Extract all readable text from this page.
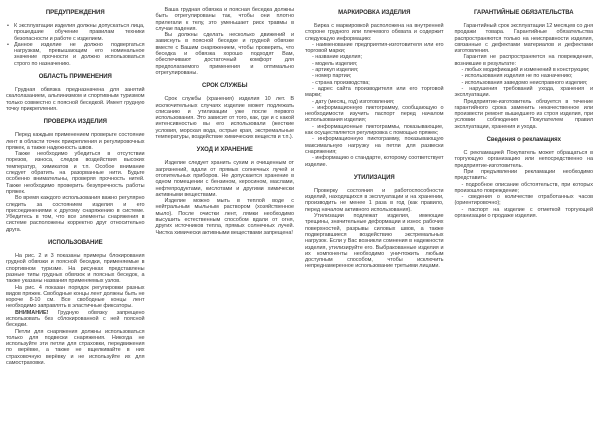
ПРЕДУПРЕЖДЕНИЯ
• К эксплуатации изделия должны допускаться лица, прошедшие обучение правилам техники безопасности и работе с изделием.
• Данное изделие не должно подвергаться нагрузкам, превышающим его номинальное значение прочности и должно использоваться строго по назначению.
ОБЛАСТЬ ПРИМЕНЕНИЯ
Грудная обвязка предназначена для занятий скалолазанием, альпинизмом и спортивным туризмом только совместно с поясной беседкой. Имеет грудную точку прикрепления.
ПРОВЕРКА ИЗДЕЛИЯ
Перед каждым применением проверьте состояние лент в области точек прикрепления и регулировочных пряжек, а также надежность швов.
Также необходимо убедиться в отсутствии порезов, износа, следов воздействия высоких температур, химикатов и т.п. Особое внимание следует обратить на разорванные нити. Будьте особенно внимательны, проверяя прочность нитей. Также необходимо проверить безупречность работы пряжек.
Во время каждого использования важно регулярно следить за состоянием изделия и его присоединениями к другому снаряжению в системе. Убедитесь в том, что все элементы снаряжения в системе расположены корректно друг относительно друга.
ИСПОЛЬЗОВАНИЕ
На рис. 2 и 3 показаны примеры блокирования грудной обвязки и поясной беседки, применяемые в спортивном туризме. На рисунках представлены разные типы грудных обвязок и поясных беседок, а также указаны названия применяемых узлов.
На рис. 4 показан порядок регулировки разных видов пряжек. Свободные концы лент должны быть не короче 8-10 см. Все свободные концы лент необходимо заправлять в эластичные фиксаторы.
ВНИМАНИЕ! Грудную обвязку запрещено использовать без сблокированной с ней поясной беседки.
Петли для снаряжения должны использоваться только для подвески снаряжения. Никогда не используйте эти петли для страховки, передвижения по верёвке, а также не вщелкивайте в них страховочную верёвку и не используйте их для самостраховки.
Ваша грудная обвязка и поясная беседка должны быть отрегулированы так, чтобы они плотно прилегали к телу, это уменьшает риск травмы в случае падения.
Вы должны сделать несколько движений и зависнуть в поясной беседке и грудной обвязке вместе с Вашим снаряжением, чтобы проверить, что беседка и обвязка хорошо подходят Вам, обеспечивают достаточный комфорт для предполагаемого применения и оптимально отрегулированы.
СРОК СЛУЖБЫ
Срок службы (хранения) изделия 10 лет. В исключительных случаях изделие может подлежать списанию и утилизации уже после первого использования. Это зависит от того, как, где и с какой интенсивностью вы его использовали (жесткие условия, морская вода, острые края, экстремальные температуры, воздействие химических веществ и т.п.).
УХОД И ХРАНЕНИЕ
Изделие следует хранить сухим и очищенным от загрязнений, вдали от прямых солнечных лучей и отопительных приборов. Не допускается хранение в одном помещении с бензином, керосином, маслами, нефтепродуктами, кислотами и другими химически активными веществами.
Изделие можно мыть в теплой воде с нейтральным мыльным раствором (хозяйственное мыло). После очистки лент, лямки необходимо высушить естественным способом вдали от огня, других источников тепла, прямых солнечных лучей. Чистка химически активными веществами запрещена!
МАРКИРОВКА ИЗДЕЛИЯ
Бирка с маркировкой расположена на внутренней стороне грудного или плечевого обхвата и содержит следующую информацию:
- наименование предприятия-изготовителя или его торговой марки;
- название изделия;
- модель изделия;
- артикул изделия;
- номер партии;
- страна производства;
- адрес сайта производителя или его торговой марки;
- дату (месяц, год) изготовления;
- информационную пиктограмму, сообщающую о необходимости изучить паспорт перед началом использования изделия;
- информационные пиктограммы, показывающие, как осуществляется регулировка с помощью пряжек;
- информационную пиктограмму, показывающую максимальную нагрузку на петли для развески снаряжения;
- информацию о стандарте, которому соответствует изделие.
УТИЛИЗАЦИЯ
Проверку состояния и работоспособности изделий, находящихся в эксплуатации и на хранении, производить не менее 1 раза в год (как правило, перед началом активного использования).
Утилизации подлежат изделия, имеющие трещины, значительные деформации и износ рабочих поверхностей, разрывы силовых швов, а также подвергавшиеся воздействию экстремальных нагрузок. Если у Вас возникли сомнения в надежности изделия, утилизируйте его. Выбракованные изделия и их компоненты необходимо уничтожить любым доступным способом, чтобы исключить непреднамеренное использование третьими лицами.
ГАРАНТИЙНЫЕ ОБЯЗАТЕЛЬСТВА
Гарантийный срок эксплуатации 12 месяцев со дня продажи товара. Гарантийные обязательства распространяются только на неисправности изделия, связанные с дефектами материалов и дефектами изготовления.
Гарантия не распространяется на повреждения, возникшие в результате:
- любых модификаций и изменений в конструкции;
- использования изделия не по назначению;
- использования заведомо неисправного изделия;
- нарушения требований ухода, хранения и эксплуатации.
Предприятие-изготовитель обязуется в течение гарантийного срока заменить некачественное или произвести ремонт вышедшего из строя изделия, при условии соблюдения Покупателем правил эксплуатации, хранения и ухода.
Сведения о рекламациях
С рекламацией Покупатель может обращаться в торгующую организацию или непосредственно на предприятие-изготовитель.
При предъявлении рекламации необходимо представить:
- подробное описание обстоятельств, при которых произошло повреждение;
- сведения о количестве отработанных часов (ориентировочно);
- паспорт на изделие с отметкой торгующей организации о продаже изделия.
